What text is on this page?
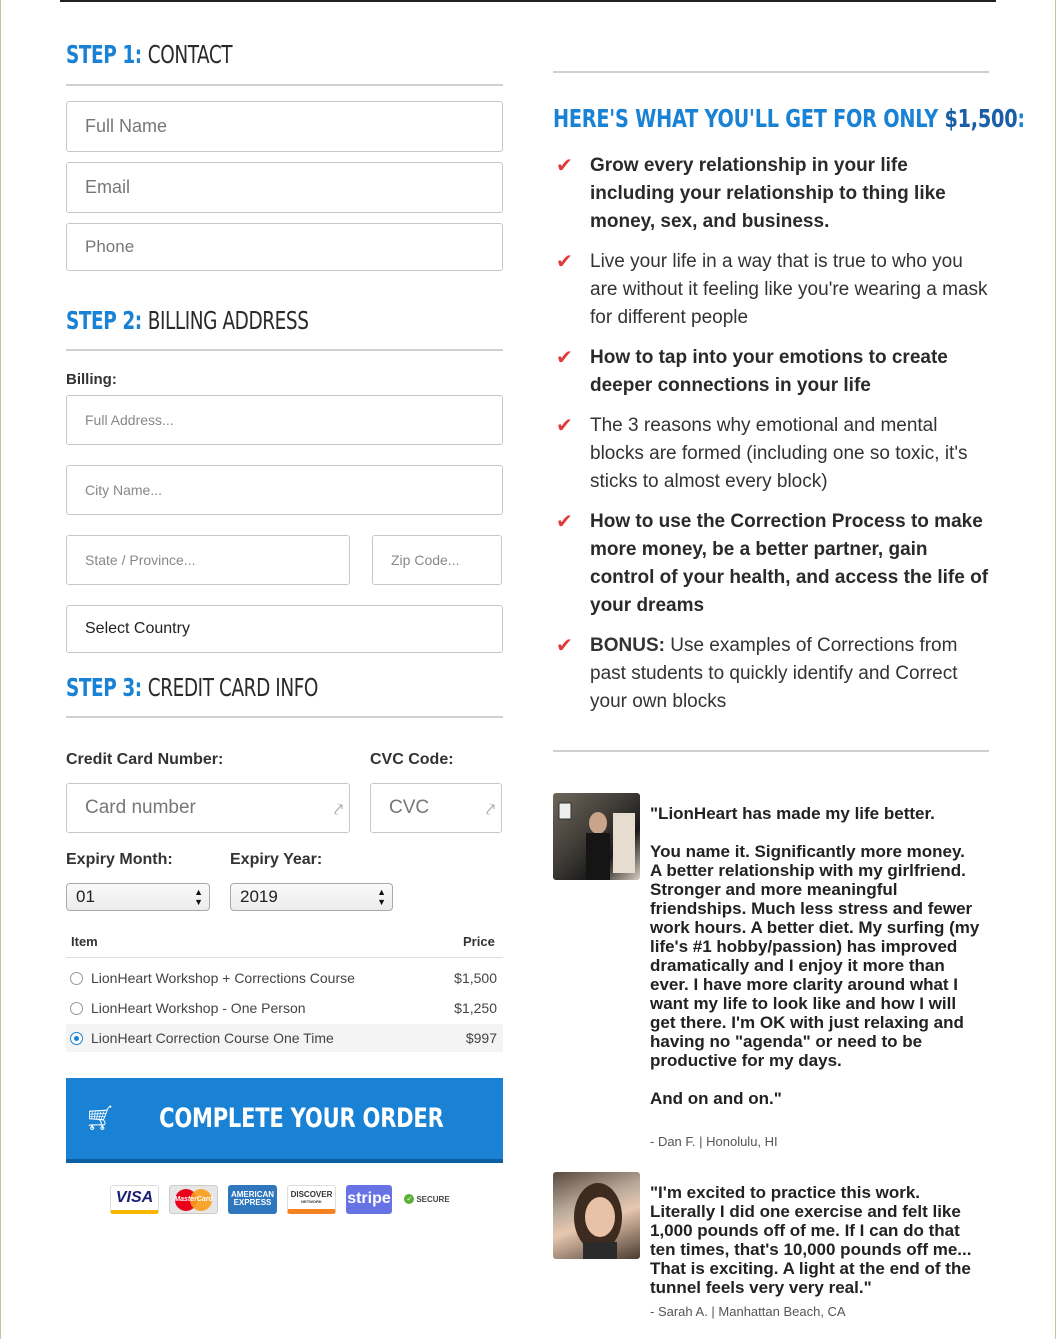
STEP 1: CONTACT
Full Name
Email
Phone
STEP 2: BILLING ADDRESS
Billing:
Full Address...
City Name...
State / Province...	Zip Code...
Select Country
STEP 3: CREDIT CARD INFO
Credit Card Number:	CVC Code:
Card number	⤤ CVC	⤤
Expiry Month:	Expiry Year:
01	▲
▼ 2019	▲
▼
Item	Price
LionHeart Workshop + Corrections Course	$1,500
LionHeart Workshop - One Person	$1,250
LionHeart Correction Course One Time	$997
🛒︎ COMPLETE YOUR ORDER
VISA	MasterCard AMERICAN
EXPRESS
DISCOVER
NETWORK stripe ✓ SECURE
HERE'S WHAT YOU'LL GET FOR ONLY $1,500:
✔ Grow every relationship in your life including your relationship to thing like money, sex, and business.
✔ Live your life in a way that is true to who you are without it feeling like you're wearing a mask for different people
✔ How to tap into your emotions to create deeper connections in your life
✔ The 3 reasons why emotional and mental blocks are formed (including one so toxic, it's sticks to almost every block)
✔ How to use the Correction Process to make more money, be a better partner, gain control of your health, and access the life of your dreams
✔ BONUS: Use examples of Corrections from past students to quickly identify and Correct your own blocks

"LionHeart has made my life better.

You name it. Significantly more money. A better relationship with my girlfriend. Stronger and more meaningful friendships. Much less stress and fewer work hours. A better diet. My surfing (my life's #1 hobby/passion) has improved dramatically and I enjoy it more than ever. I have more clarity around what I want my life to look like and how I will get there. I'm OK with just relaxing and having no "agenda" or need to be productive for my days.

And on and on."

- Dan F. | Honolulu, HI

"I'm excited to practice this work. Literally I did one exercise and felt like 1,000 pounds off of me. If I can do that ten times, that's 10,000 pounds off me... That is exciting. A light at the end of the tunnel feels very very real."

- Sarah A. | Manhattan Beach, CA
